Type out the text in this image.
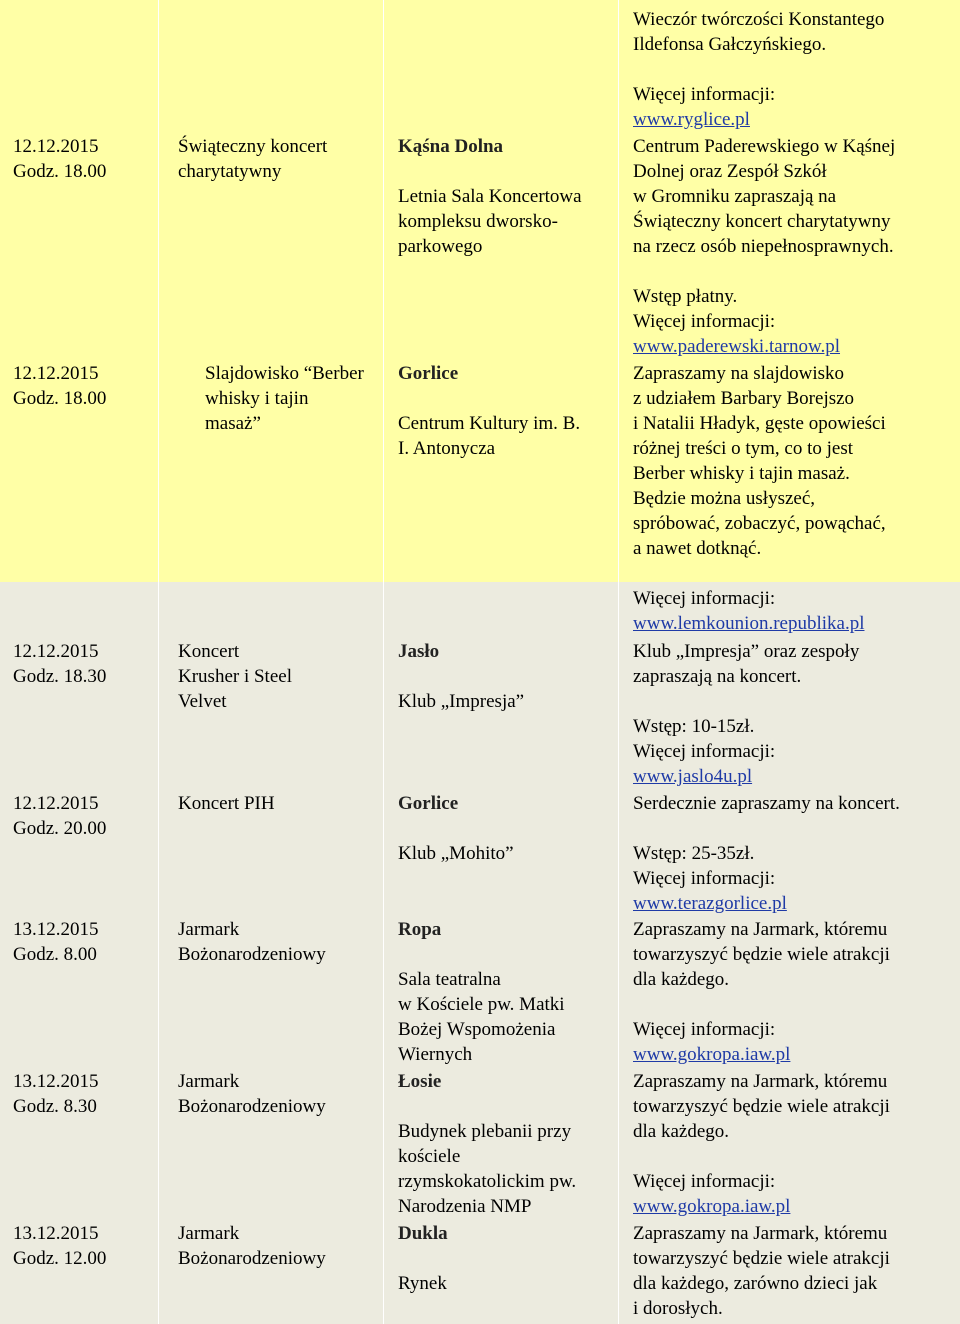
Wieczór twórczości Konstantego
Ildefonsa Gałczyńskiego.
Więcej informacji:
www.ryglice.pl
12.12.2015
Godz. 18.00
Świąteczny koncert
charytatywny
Kąśna Dolna
Letnia Sala Koncertowa
kompleksu dworsko-
parkowego
Centrum Paderewskiego w Kąśnej
Dolnej oraz Zespół Szkół
w Gromniku zapraszają na
Świąteczny koncert charytatywny
na rzecz osób niepełnosprawnych.
Wstęp płatny.
Więcej informacji:
www.paderewski.tarnow.pl
12.12.2015
Godz. 18.00
Slajdowisko “Berber
whisky i tajin
masaż”
Gorlice
Centrum Kultury im. B.
I. Antonycza
Zapraszamy na slajdowisko
z udziałem Barbary Borejszo
i Natalii Hładyk, gęste opowieści
różnej treści o tym, co to jest
Berber whisky i tajin masaż.
Będzie można usłyszeć,
spróbować, zobaczyć, powąchać,
a nawet dotknąć.
Więcej informacji:
www.lemkounion.republika.pl
12.12.2015
Godz. 18.30
Koncert
Krusher i Steel
Velvet
Jasło
Klub „Impresja”
Klub „Impresja” oraz zespoły
zapraszają na koncert.
Wstęp: 10-15zł.
Więcej informacji:
www.jaslo4u.pl
12.12.2015
Godz. 20.00
Koncert PIH	Gorlice
Klub „Mohito”
Serdecznie zapraszamy na koncert.
Wstęp: 25-35zł.
Więcej informacji:
www.terazgorlice.pl
13.12.2015
Godz. 8.00
Jarmark
Bożonarodzeniowy
Ropa
Sala teatralna
w Kościele pw. Matki
Bożej Wspomożenia
Wiernych
Zapraszamy na Jarmark, któremu
towarzyszyć będzie wiele atrakcji
dla każdego.
Więcej informacji:
www.gokropa.iaw.pl
13.12.2015
Godz. 8.30
Jarmark
Bożonarodzeniowy
Łosie
Budynek plebanii przy
kościele
rzymskokatolickim pw.
Narodzenia NMP
Zapraszamy na Jarmark, któremu
towarzyszyć będzie wiele atrakcji
dla każdego.
Więcej informacji:
www.gokropa.iaw.pl
13.12.2015
Godz. 12.00
Jarmark
Bożonarodzeniowy
Dukla
Rynek
Zapraszamy na Jarmark, któremu
towarzyszyć będzie wiele atrakcji
dla każdego, zarówno dzieci jak
i dorosłych.
